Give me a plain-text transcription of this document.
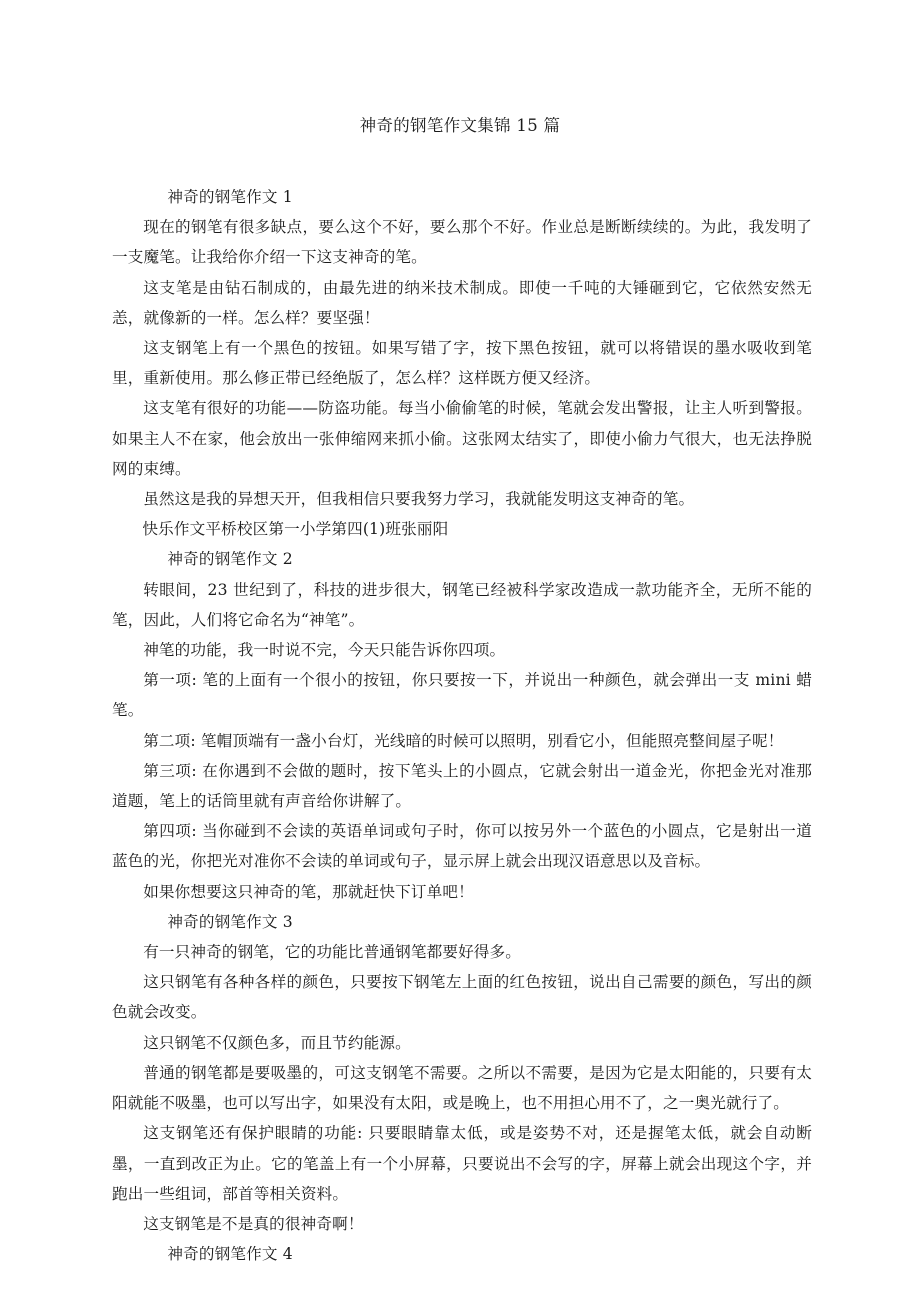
神奇的钢笔作文集锦 15 篇

神奇的钢笔作文 1

现在的钢笔有很多缺点，要么这个不好，要么那个不好。作业总是断断续续的。为此，我发明了一支魔笔。让我给你介绍一下这支神奇的笔。

这支笔是由钻石制成的，由最先进的纳米技术制成。即使一千吨的大锤砸到它，它依然安然无恙，就像新的一样。怎么样？要坚强！

这支钢笔上有一个黑色的按钮。如果写错了字，按下黑色按钮，就可以将错误的墨水吸收到笔里，重新使用。那么修正带已经绝版了，怎么样？这样既方便又经济。

这支笔有很好的功能——防盗功能。每当小偷偷笔的时候，笔就会发出警报，让主人听到警报。如果主人不在家，他会放出一张伸缩网来抓小偷。这张网太结实了，即使小偷力气很大，也无法挣脱网的束缚。

虽然这是我的异想天开，但我相信只要我努力学习，我就能发明这支神奇的笔。

快乐作文平桥校区第一小学第四(1)班张丽阳

神奇的钢笔作文 2

转眼间，23 世纪到了，科技的进步很大，钢笔已经被科学家改造成一款功能齐全，无所不能的笔，因此，人们将它命名为“神笔”。

神笔的功能，我一时说不完，今天只能告诉你四项。

第一项: 笔的上面有一个很小的按钮，你只要按一下，并说出一种颜色，就会弹出一支 mini 蜡笔。

第二项: 笔帽顶端有一盏小台灯，光线暗的时候可以照明，别看它小，但能照亮整间屋子呢！

第三项: 在你遇到不会做的题时，按下笔头上的小圆点，它就会射出一道金光，你把金光对准那道题，笔上的话筒里就有声音给你讲解了。

第四项: 当你碰到不会读的英语单词或句子时，你可以按另外一个蓝色的小圆点，它是射出一道蓝色的光，你把光对准你不会读的单词或句子，显示屏上就会出现汉语意思以及音标。

如果你想要这只神奇的笔，那就赶快下订单吧！

神奇的钢笔作文 3

有一只神奇的钢笔，它的功能比普通钢笔都要好得多。

这只钢笔有各种各样的颜色，只要按下钢笔左上面的红色按钮，说出自己需要的颜色，写出的颜色就会改变。

这只钢笔不仅颜色多，而且节约能源。

普通的钢笔都是要吸墨的，可这支钢笔不需要。之所以不需要，是因为它是太阳能的，只要有太阳就能不吸墨，也可以写出字，如果没有太阳，或是晚上，也不用担心用不了，之一奥光就行了。

这支钢笔还有保护眼睛的功能: 只要眼睛靠太低，或是姿势不对，还是握笔太低，就会自动断墨，一直到改正为止。它的笔盖上有一个小屏幕，只要说出不会写的字，屏幕上就会出现这个字，并跑出一些组词，部首等相关资料。

这支钢笔是不是真的很神奇啊！

神奇的钢笔作文 4
